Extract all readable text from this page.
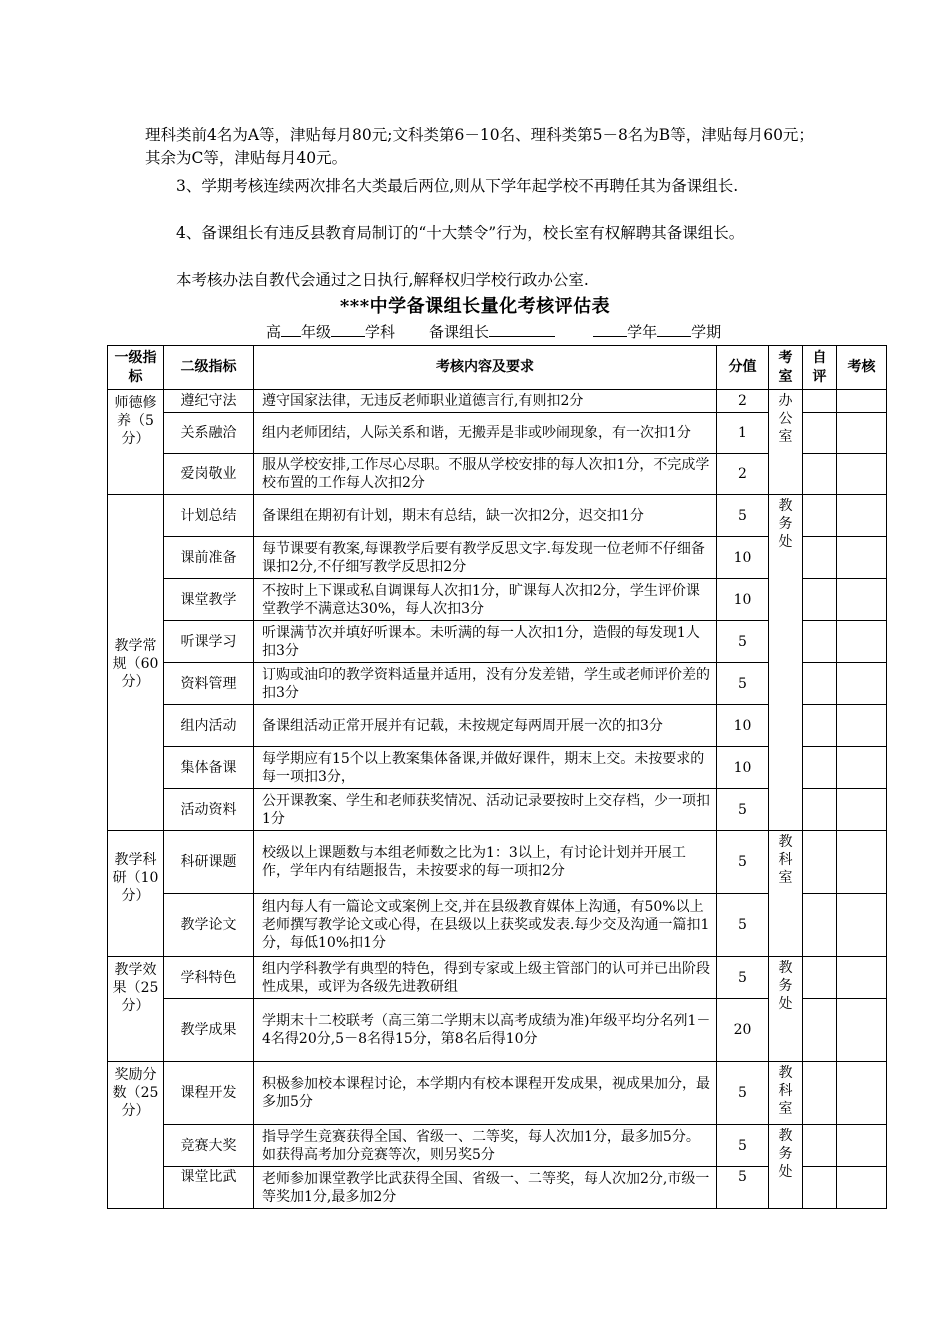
理科类前4名为A等，津贴每月80元;文科类第6－10名、理科类第5－8名为B等，津贴每月60元；其余为C等，津贴每月40元。

3、学期考核连续两次排名大类最后两位,则从下学年起学校不再聘任其为备课组长.

4、备课组长有违反县教育局制订的“十大禁令”行为，校长室有权解聘其备课组长。

本考核办法自教代会通过之日执行,解释权归学校行政办公室.

***中学备课组长量化考核评估表
高 年级 学科 备课组长	学年 学期
一级指标	二级指标	考核内容及要求	分值	考室	自评	考核
师德修养（5分）	遵纪守法	遵守国家法律，无违反老师职业道德言行,有则扣2分	2	办公室		
	关系融洽	组内老师团结，人际关系和谐，无搬弄是非或吵闹现象，有一次扣1分	1			
	爱岗敬业	服从学校安排,工作尽心尽职。不服从学校安排的每人次扣1分，不完成学校布置的工作每人次扣2分	2			
教学常规（60分）	计划总结	备课组在期初有计划，期末有总结，缺一次扣2分，迟交扣1分	5	教务处		
	课前准备	每节课要有教案,每课教学后要有教学反思文字.每发现一位老师不仔细备课扣2分,不仔细写教学反思扣2分	10			
	课堂教学	不按时上下课或私自调课每人次扣1分，旷课每人次扣2分，学生评价课堂教学不满意达30%，每人次扣3分	10			
	听课学习	听课满节次并填好听课本。未听满的每一人次扣1分，造假的每发现1人扣3分	5			
	资料管理	订购或油印的教学资料适量并适用，没有分发差错，学生或老师评价差的扣3分	5			
	组内活动	备课组活动正常开展并有记载，未按规定每两周开展一次的扣3分	10			
	集体备课	每学期应有15个以上教案集体备课,并做好课件，期末上交。未按要求的每一项扣3分，	10			
	活动资料	公开课教案、学生和老师获奖情况、活动记录要按时上交存档，少一项扣1分	5			
教学科研（10分）	科研课题	校级以上课题数与本组老师数之比为1：3以上，有讨论计划并开展工作，学年内有结题报告，未按要求的每一项扣2分	5	教科室		
	教学论文	组内每人有一篇论文或案例上交,并在县级教育媒体上沟通，有50%以上老师撰写教学论文或心得，在县级以上获奖或发表.每少交及沟通一篇扣1分，每低10%扣1分	5			
教学效果（25分）	学科特色	组内学科教学有典型的特色，得到专家或上级主管部门的认可并已出阶段性成果，或评为各级先进教研组	5	教务处		
	教学成果	学期末十二校联考（高三第二学期末以高考成绩为准)年级平均分名列1－4名得20分,5－8名得15分，第8名后得10分	20			
奖励分数（25分）	课程开发	积极参加校本课程讨论，本学期内有校本课程开发成果，视成果加分，最多加5分	5	教科室		
	竞赛大奖	指导学生竞赛获得全国、省级一、二等奖，每人次加1分，最多加5分。如获得高考加分竞赛等次，则另奖5分	5	教务处		
	课堂比武	老师参加课堂教学比武获得全国、省级一、二等奖，每人次加2分,市级一等奖加1分,最多加2分	5			
